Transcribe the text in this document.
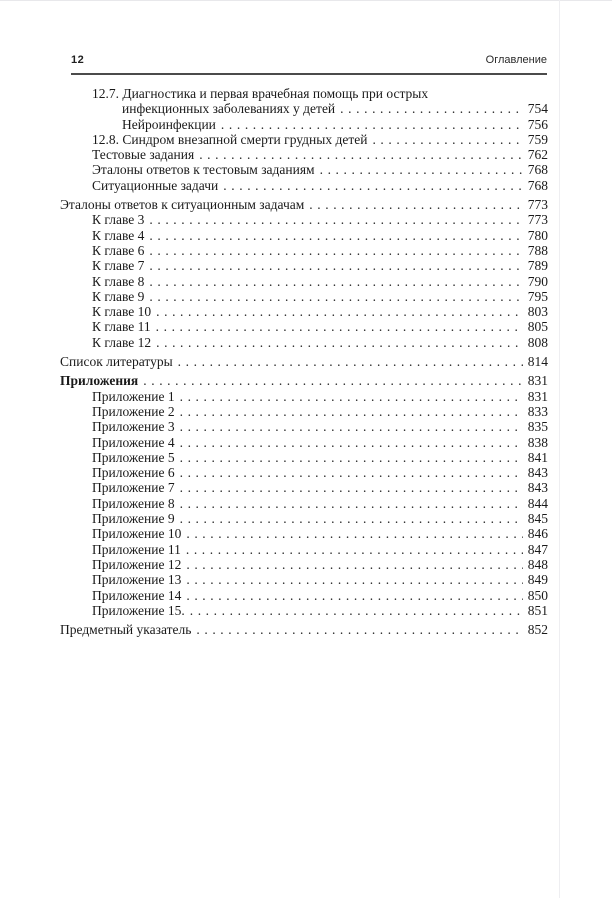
12	Оглавление
12.7. Диагностика и первая врачебная помощь при острых
инфекционных заболеваниях у детей .....	754
Нейроинфекции .....	756
12.8. Синдром внезапной смерти грудных детей .....	759
Тестовые задания .....	762
Эталоны ответов к тестовым заданиям .....	768
Ситуационные задачи .....	768
Эталоны ответов к ситуационным задачам .....	773
К главе 3 .....	773
К главе 4 .....	780
К главе 6 .....	788
К главе 7 .....	789
К главе 8 .....	790
К главе 9 .....	795
К главе 10 .....	803
К главе 11 .....	805
К главе 12 .....	808
Список литературы .....	814
Приложения .....	831
Приложение 1 .....	831
Приложение 2 .....	833
Приложение 3 .....	835
Приложение 4 .....	838
Приложение 5 .....	841
Приложение 6 .....	843
Приложение 7 .....	843
Приложение 8 .....	844
Приложение 9 .....	845
Приложение 10 .....	846
Приложение 11 .....	847
Приложение 12 .....	848
Приложение 13 .....	849
Приложение 14 .....	850
Приложение 15. .....	851
Предметный указатель .....	852
